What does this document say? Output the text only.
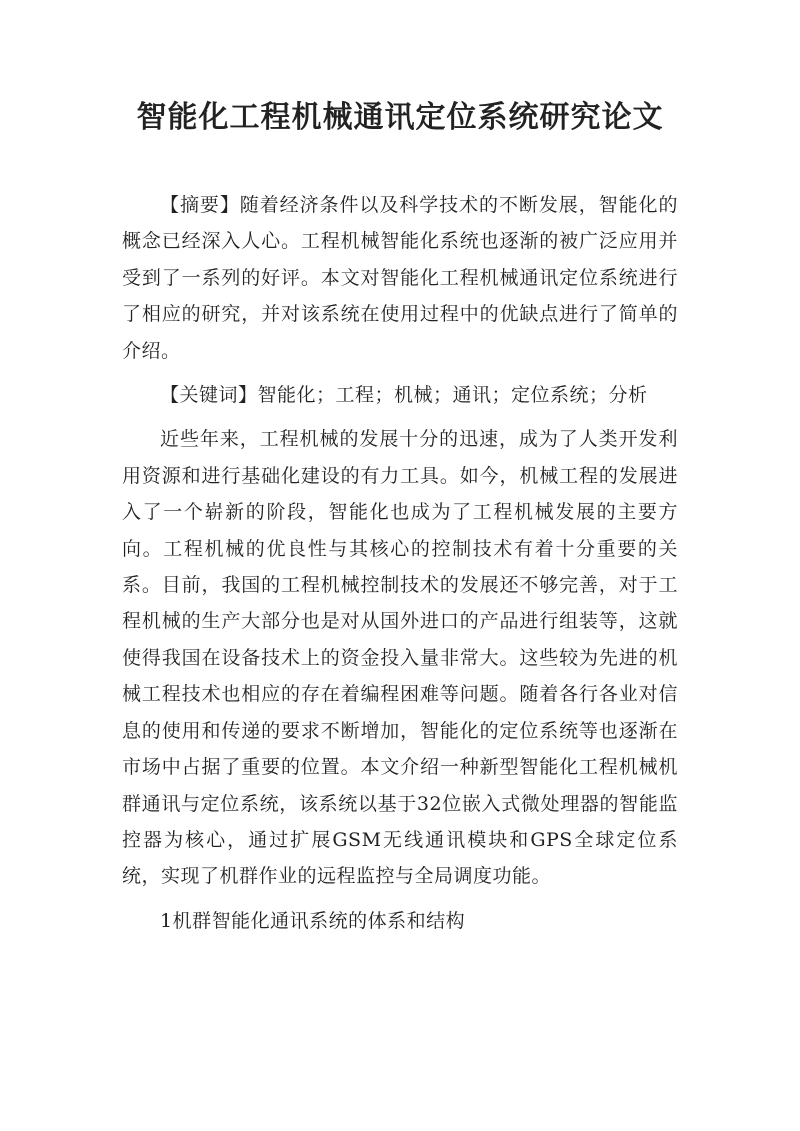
智能化工程机械通讯定位系统研究论文

【摘要】随着经济条件以及科学技术的不断发展，智能化的概念已经深入人心。工程机械智能化系统也逐渐的被广泛应用并受到了一系列的好评。本文对智能化工程机械通讯定位系统进行了相应的研究，并对该系统在使用过程中的优缺点进行了简单的介绍。

【关键词】智能化；工程；机械；通讯；定位系统；分析

近些年来，工程机械的发展十分的迅速，成为了人类开发利用资源和进行基础化建设的有力工具。如今，机械工程的发展进入了一个崭新的阶段，智能化也成为了工程机械发展的主要方向。工程机械的优良性与其核心的控制技术有着十分重要的关系。目前，我国的工程机械控制技术的发展还不够完善，对于工程机械的生产大部分也是对从国外进口的产品进行组装等，这就使得我国在设备技术上的资金投入量非常大。这些较为先进的机械工程技术也相应的存在着编程困难等问题。随着各行各业对信息的使用和传递的要求不断增加，智能化的定位系统等也逐渐在市场中占据了重要的位置。本文介绍一种新型智能化工程机械机群通讯与定位系统，该系统以基于32位嵌入式微处理器的智能监控器为核心，通过扩展GSM无线通讯模块和GPS全球定位系统，实现了机群作业的远程监控与全局调度功能。

1机群智能化通讯系统的体系和结构
